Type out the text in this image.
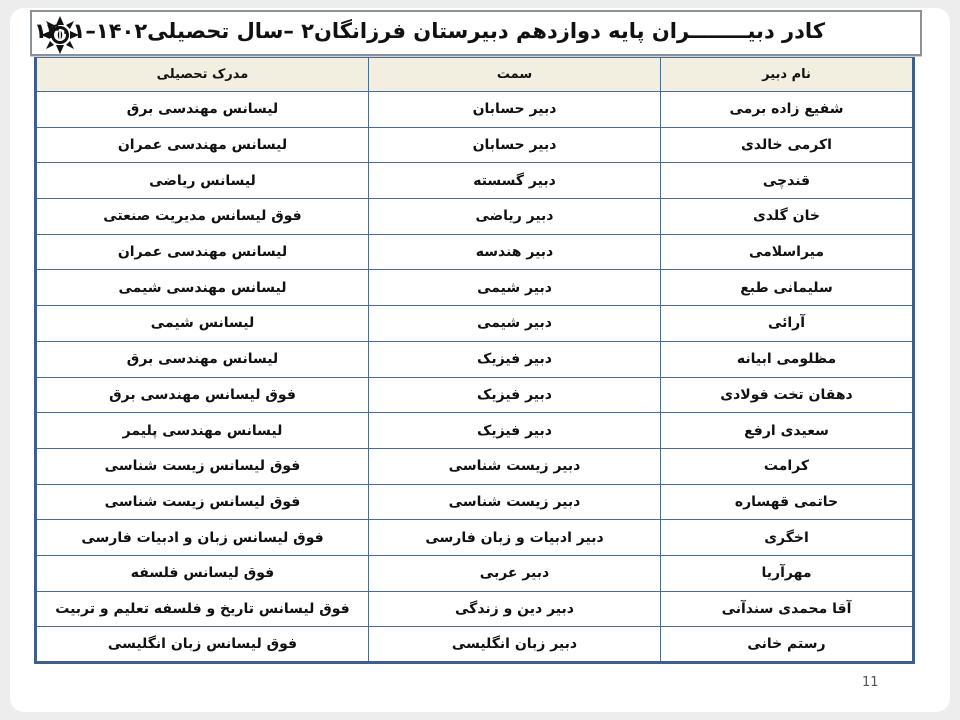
کادر دبیــــــــران پایه دوازدهم دبیرستان فرزانگان۲ –سال تحصیلی۱۴۰۲–۱۴۰۱
نام دبیر	سمت	مدرک تحصیلی
شفیع زاده برمی	دبیر حسابان	لیسانس مهندسی برق
اکرمی خالدی	دبیر حسابان	لیسانس مهندسی عمران
قندچی	دبیر گسسته	لیسانس ریاضی
خان گلدی	دبیر ریاضی	فوق لیسانس مدیریت صنعتی
میراسلامی	دبیر هندسه	لیسانس مهندسی عمران
سلیمانی طبع	دبیر شیمی	لیسانس مهندسی شیمی
آرائی	دبیر شیمی	لیسانس شیمی
مظلومی ابیانه	دبیر فیزیک	لیسانس مهندسی برق
دهقان تخت فولادی	دبیر فیزیک	فوق لیسانس مهندسی برق
سعیدی ارفع	دبیر فیزیک	لیسانس مهندسی پلیمر
کرامت	دبیر زیست شناسی	فوق لیسانس زیست شناسی
حاتمی قهساره	دبیر زیست شناسی	فوق لیسانس زیست شناسی
اخگری	دبیر ادبیات و زبان فارسی	فوق لیسانس زبان و ادبیات فارسی
مهرآریا	دبیر عربی	فوق لیسانس فلسفه
آقا محمدی سندآنی	دبیر دین و زندگی	فوق لیسانس تاریخ و فلسفه تعلیم و تربیت
رستم خانی	دبیر زبان انگلیسی	فوق لیسانس زبان انگلیسی
11
